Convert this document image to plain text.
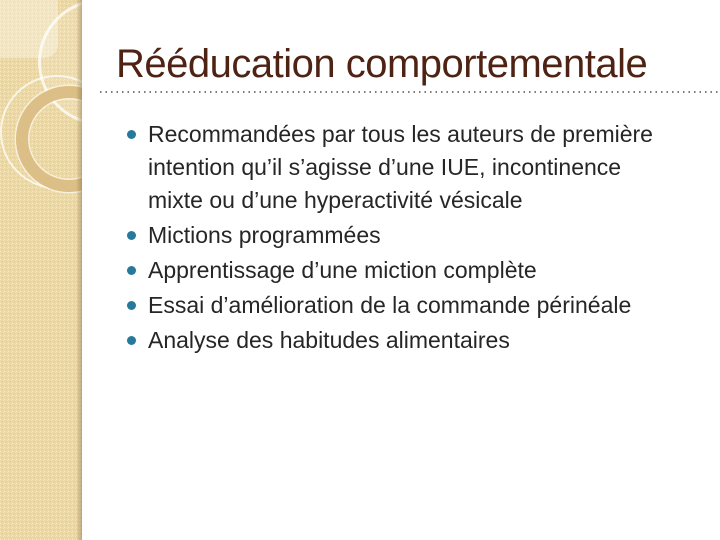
Rééducation comportementale
Recommandées par tous les auteurs de première intention qu’il s’agisse d’une IUE, incontinence mixte ou d’une hyperactivité vésicale
Mictions programmées
Apprentissage d’une miction complète
Essai d’amélioration de la commande périnéale
Analyse des habitudes alimentaires
